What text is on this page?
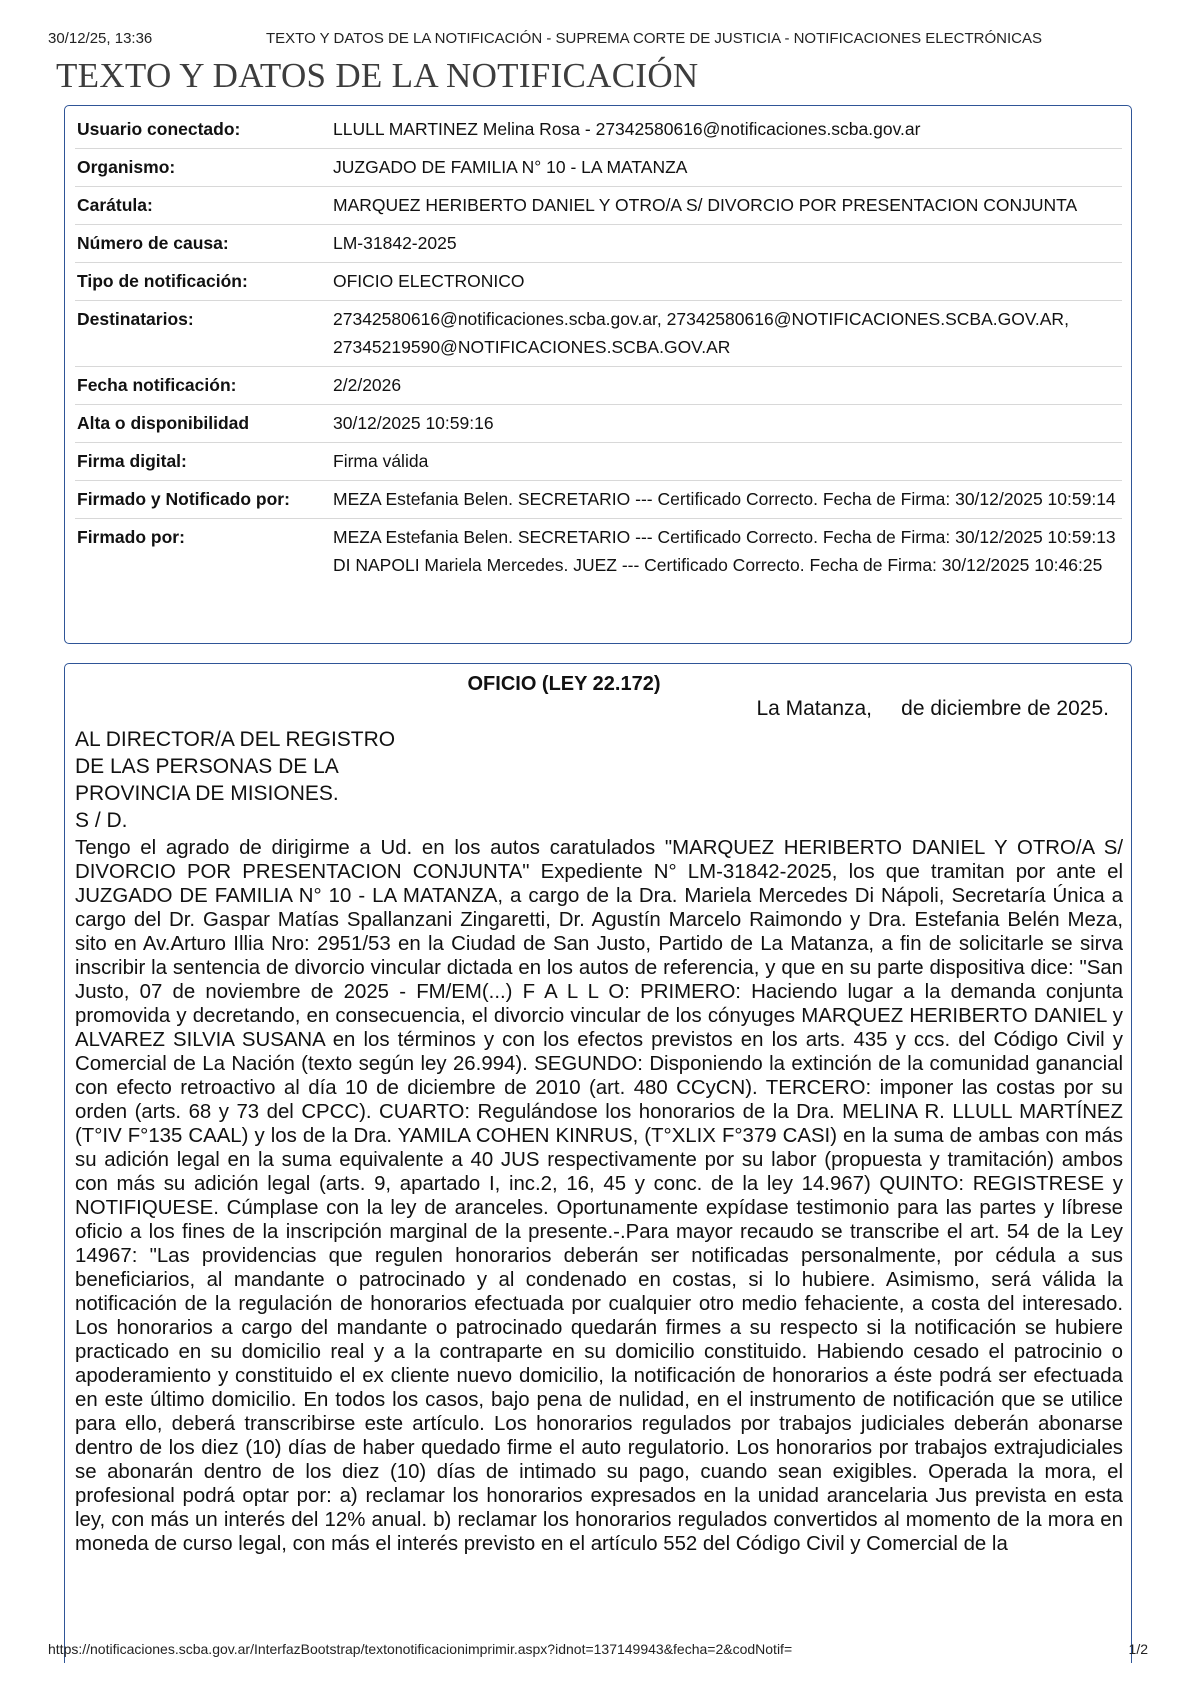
30/12/25, 13:36	TEXTO Y DATOS DE LA NOTIFICACIÓN - SUPREMA CORTE DE JUSTICIA - NOTIFICACIONES ELECTRÓNICAS
TEXTO Y DATOS DE LA NOTIFICACIÓN
Usuario conectado:	LLULL MARTINEZ Melina Rosa - 27342580616@notificaciones.scba.gov.ar
Organismo:	JUZGADO DE FAMILIA N° 10 - LA MATANZA
Carátula:	MARQUEZ HERIBERTO DANIEL Y OTRO/A S/ DIVORCIO POR PRESENTACION CONJUNTA
Número de causa:	LM-31842-2025
Tipo de notificación:	OFICIO ELECTRONICO
Destinatarios:	27342580616@notificaciones.scba.gov.ar, 27342580616@NOTIFICACIONES.SCBA.GOV.AR, 27345219590@NOTIFICACIONES.SCBA.GOV.AR
Fecha notificación:	2/2/2026
Alta o disponibilidad	30/12/2025 10:59:16
Firma digital:	Firma válida
Firmado y Notificado por:	MEZA Estefania Belen. SECRETARIO --- Certificado Correcto. Fecha de Firma: 30/12/2025 10:59:14
Firmado por:	MEZA Estefania Belen. SECRETARIO --- Certificado Correcto. Fecha de Firma: 30/12/2025 10:59:13 DI NAPOLI Mariela Mercedes. JUEZ --- Certificado Correcto. Fecha de Firma: 30/12/2025 10:46:25
OFICIO (LEY 22.172)
La Matanza,     de diciembre de 2025.
AL DIRECTOR/A DEL REGISTRO
DE LAS PERSONAS DE LA
PROVINCIA DE MISIONES.
S / D.
Tengo el agrado de dirigirme a Ud. en los autos caratulados "MARQUEZ HERIBERTO DANIEL Y OTRO/A S/ DIVORCIO POR PRESENTACION CONJUNTA" Expediente N° LM-31842-2025, los que tramitan por ante el JUZGADO DE FAMILIA N° 10 - LA MATANZA, a cargo de la Dra. Mariela Mercedes Di Nápoli, Secretaría Única a cargo del Dr. Gaspar Matías Spallanzani Zingaretti, Dr. Agustín Marcelo Raimondo y Dra. Estefania Belén Meza, sito en Av.Arturo Illia Nro: 2951/53 en la Ciudad de San Justo, Partido de La Matanza, a fin de solicitarle se sirva inscribir la sentencia de divorcio vincular dictada en los autos de referencia, y que en su parte dispositiva dice: "San Justo, 07 de noviembre de 2025 - FM/EM(...) F A L L O: PRIMERO: Haciendo lugar a la demanda conjunta promovida y decretando, en consecuencia, el divorcio vincular de los cónyuges MARQUEZ HERIBERTO DANIEL y ALVAREZ SILVIA SUSANA en los términos y con los efectos previstos en los arts. 435 y ccs. del Código Civil y Comercial de La Nación (texto según ley 26.994). SEGUNDO: Disponiendo la extinción de la comunidad ganancial con efecto retroactivo al día 10 de diciembre de 2010 (art. 480 CCyCN). TERCERO: imponer las costas por su orden (arts. 68 y 73 del CPCC). CUARTO: Regulándose los honorarios de la Dra. MELINA R. LLULL MARTÍNEZ (T°IV F°135 CAAL) y los de la Dra. YAMILA COHEN KINRUS, (T°XLIX F°379 CASI) en la suma de ambas con más su adición legal en la suma equivalente a 40 JUS respectivamente por su labor (propuesta y tramitación) ambos con más su adición legal (arts. 9, apartado I, inc.2, 16, 45 y conc. de la ley 14.967) QUINTO: REGISTRESE y NOTIFIQUESE. Cúmplase con la ley de aranceles. Oportunamente expídase testimonio para las partes y líbrese oficio a los fines de la inscripción marginal de la presente.-.Para mayor recaudo se transcribe el art. 54 de la Ley 14967: "Las providencias que regulen honorarios deberán ser notificadas personalmente, por cédula a sus beneficiarios, al mandante o patrocinado y al condenado en costas, si lo hubiere. Asimismo, será válida la notificación de la regulación de honorarios efectuada por cualquier otro medio fehaciente, a costa del interesado. Los honorarios a cargo del mandante o patrocinado quedarán firmes a su respecto si la notificación se hubiere practicado en su domicilio real y a la contraparte en su domicilio constituido. Habiendo cesado el patrocinio o apoderamiento y constituido el ex cliente nuevo domicilio, la notificación de honorarios a éste podrá ser efectuada en este último domicilio. En todos los casos, bajo pena de nulidad, en el instrumento de notificación que se utilice para ello, deberá transcribirse este artículo. Los honorarios regulados por trabajos judiciales deberán abonarse dentro de los diez (10) días de haber quedado firme el auto regulatorio. Los honorarios por trabajos extrajudiciales se abonarán dentro de los diez (10) días de intimado su pago, cuando sean exigibles. Operada la mora, el profesional podrá optar por: a) reclamar los honorarios expresados en la unidad arancelaria Jus prevista en esta ley, con más un interés del 12% anual. b) reclamar los honorarios regulados convertidos al momento de la mora en moneda de curso legal, con más el interés previsto en el artículo 552 del Código Civil y Comercial de la
https://notificaciones.scba.gov.ar/InterfazBootstrap/textonotificacionimprimir.aspx?idnot=137149943&fecha=2&codNotif=	1/2
